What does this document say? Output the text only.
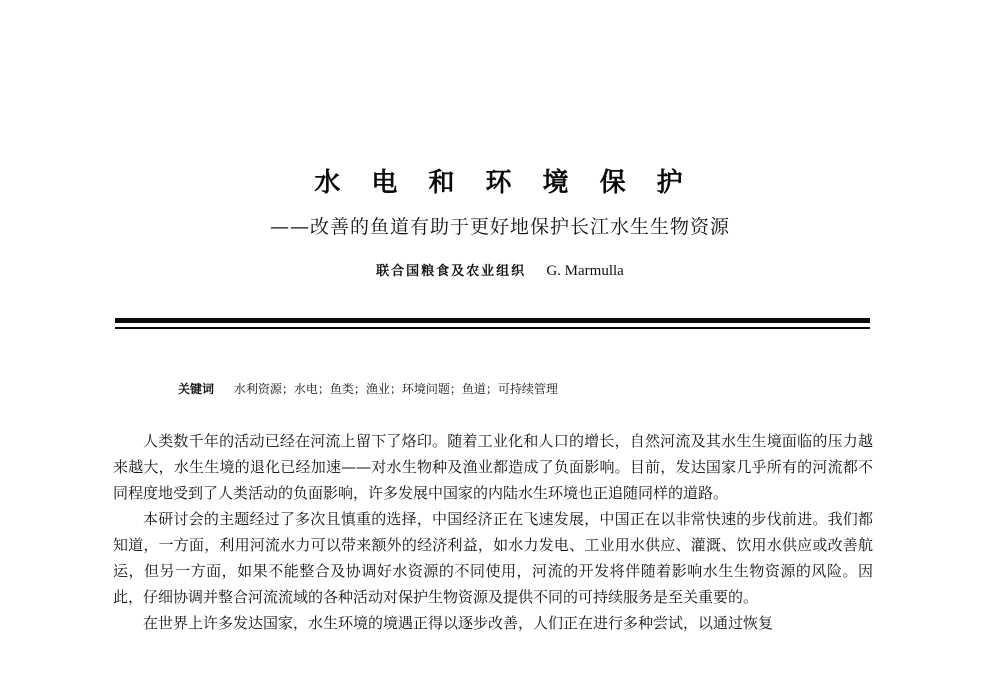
水 电 和 环 境 保 护
——改善的鱼道有助于更好地保护长江水生生物资源
联合国粮食及农业组织 G. Marmulla
关键词 水利资源；水电；鱼类；渔业；环境问题；鱼道；可持续管理

人类数千年的活动已经在河流上留下了烙印。随着工业化和人口的增长，自然河流及其水生生境面临的压力越来越大，水生生境的退化已经加速——对水生物种及渔业都造成了负面影响。目前，发达国家几乎所有的河流都不同程度地受到了人类活动的负面影响，许多发展中国家的内陆水生环境也正追随同样的道路。

本研讨会的主题经过了多次且慎重的选择，中国经济正在飞速发展，中国正在以非常快速的步伐前进。我们都知道，一方面，利用河流水力可以带来额外的经济利益，如水力发电、工业用水供应、灌溉、饮用水供应或改善航运，但另一方面，如果不能整合及协调好水资源的不同使用，河流的开发将伴随着影响水生生物资源的风险。因此，仔细协调并整合河流流域的各种活动对保护生物资源及提供不同的可持续服务是至关重要的。

在世界上许多发达国家，水生环境的境遇正得以逐步改善，人们正在进行多种尝试，以通过恢复
